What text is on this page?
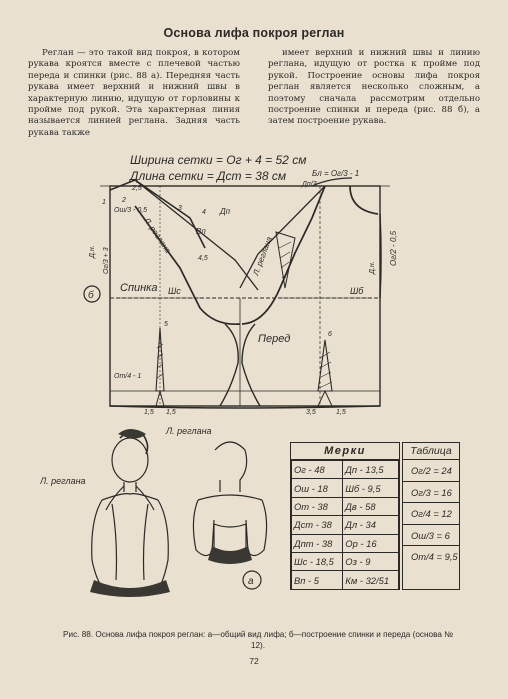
Основа лифа покроя реглан
Реглан — это такой вид покроя, в котором рукава кроятся вместе с плечевой частью переда и спинки (рис. 88 а). Передняя часть рукава имеет верхний и нижний швы в характерную линию, идущую от горловины к пройме под рукой. Эта характерная линия называется линией реглана. Задняя часть рукава также
имеет верхний и нижний швы и линию реглана, идущую от ростка к пройме под рукой. Построение основы лифа покроя реглан является несколько сложным, а поэтому сначала рассмотрим отдельно построение спинки и переда (рис. 88 б), а затем построение рукава.
Ширина сетки = Ог + 4 = 52 см
Длина сетки = Дст = 38 см
б
Спинка
Перед
Л. реглана
Л. реглана
Шс	Шб
Бл = Ог/3 - 1
Дп/3
Дп
Вп
Д.н.
Д.н.
Ог/2 - 0,5
Ог/3 + 3
Ош/3 - 0,5
От/4 - 1
2,5
1 2
3
4
4,5
5
6
1,5 1,5	3,5	1,5
Л. реглана
Л. реглана
а
Мерки
Ог - 48	Дп - 13,5
Ош - 18	Шб - 9,5
От - 38	Дв - 58
Дст - 38	Дл - 34
Дпт - 38	Ор - 16
Шс - 18,5	Оз - 9
Вп - 5	Км - 32/51
Таблица
Ог/2 = 24
Ог/3 = 16
Ог/4 = 12
Ош/3 = 6
От/4 = 9,5
Рис. 88. Основа лифа покроя реглан: а—общий вид лифа; б—построение спинки и переда (основа № 12).
72
